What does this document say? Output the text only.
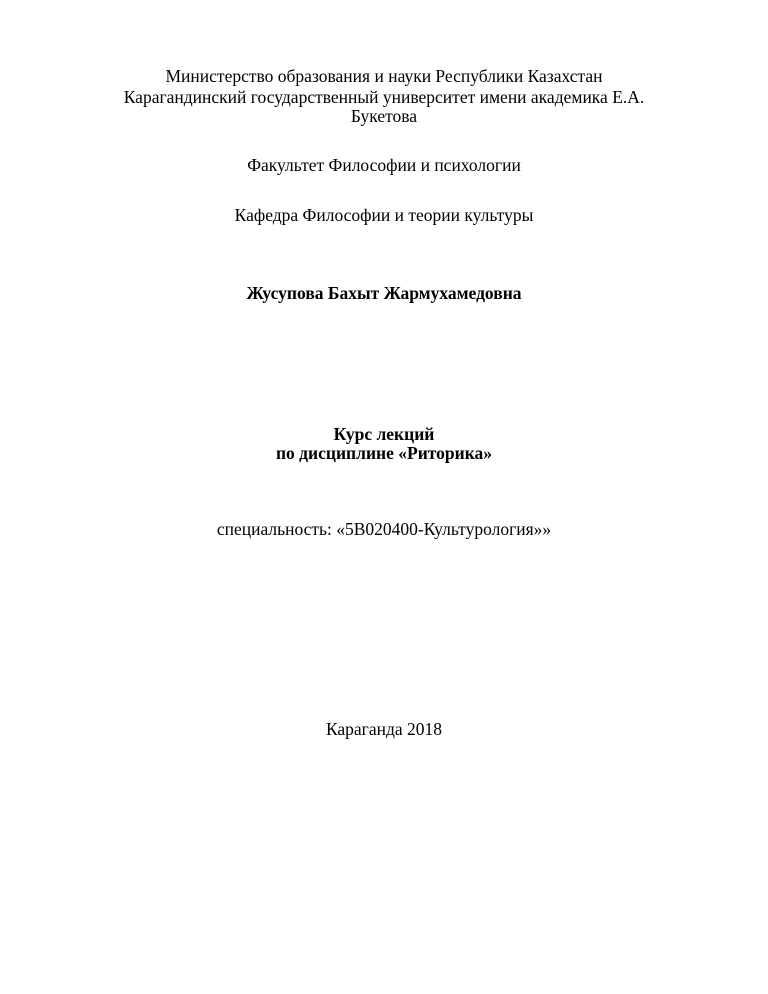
Министерство образования и науки Республики Казахстан
Карагандинский государственный университет имени академика Е.А.
Букетова
Факультет Философии и психологии
Кафедра Философии и теории культуры
Жусупова Бахыт Жармухамедовна
Курс лекций
по дисциплине «Риторика»
специальность: «5В020400-Культурология»»
Караганда 2018
